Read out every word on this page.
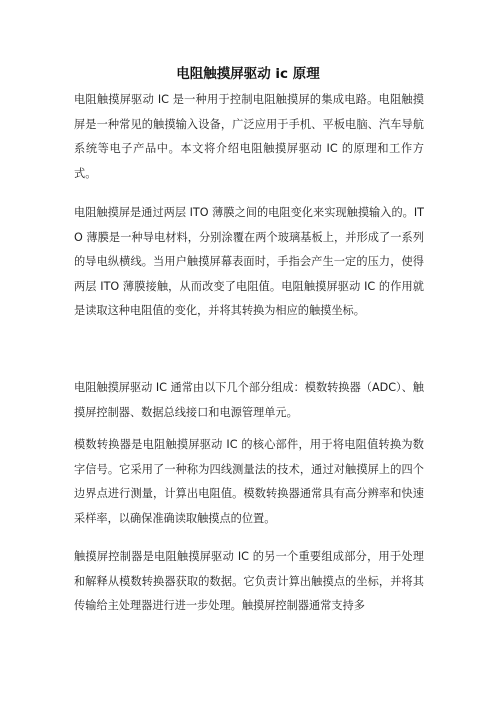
电阻触摸屏驱动 ic 原理

电阻触摸屏驱动 IC 是一种用于控制电阻触摸屏的集成电路。电阻触摸屏是一种常见的触摸输入设备，广泛应用于手机、平板电脑、汽车导航系统等电子产品中。本文将介绍电阻触摸屏驱动 IC 的原理和工作方式。

电阻触摸屏是通过两层 ITO 薄膜之间的电阻变化来实现触摸输入的。ITO 薄膜是一种导电材料，分别涂覆在两个玻璃基板上，并形成了一系列的导电纵横线。当用户触摸屏幕表面时，手指会产生一定的压力，使得两层 ITO 薄膜接触，从而改变了电阻值。电阻触摸屏驱动 IC 的作用就是读取这种电阻值的变化，并将其转换为相应的触摸坐标。

电阻触摸屏驱动 IC 通常由以下几个部分组成：模数转换器（ADC）、触摸屏控制器、数据总线接口和电源管理单元。

模数转换器是电阻触摸屏驱动 IC 的核心部件，用于将电阻值转换为数字信号。它采用了一种称为四线测量法的技术，通过对触摸屏上的四个边界点进行测量，计算出电阻值。模数转换器通常具有高分辨率和快速采样率，以确保准确读取触摸点的位置。

触摸屏控制器是电阻触摸屏驱动 IC 的另一个重要组成部分，用于处理和解释从模数转换器获取的数据。它负责计算出触摸点的坐标，并将其传输给主处理器进行进一步处理。触摸屏控制器通常支持多
